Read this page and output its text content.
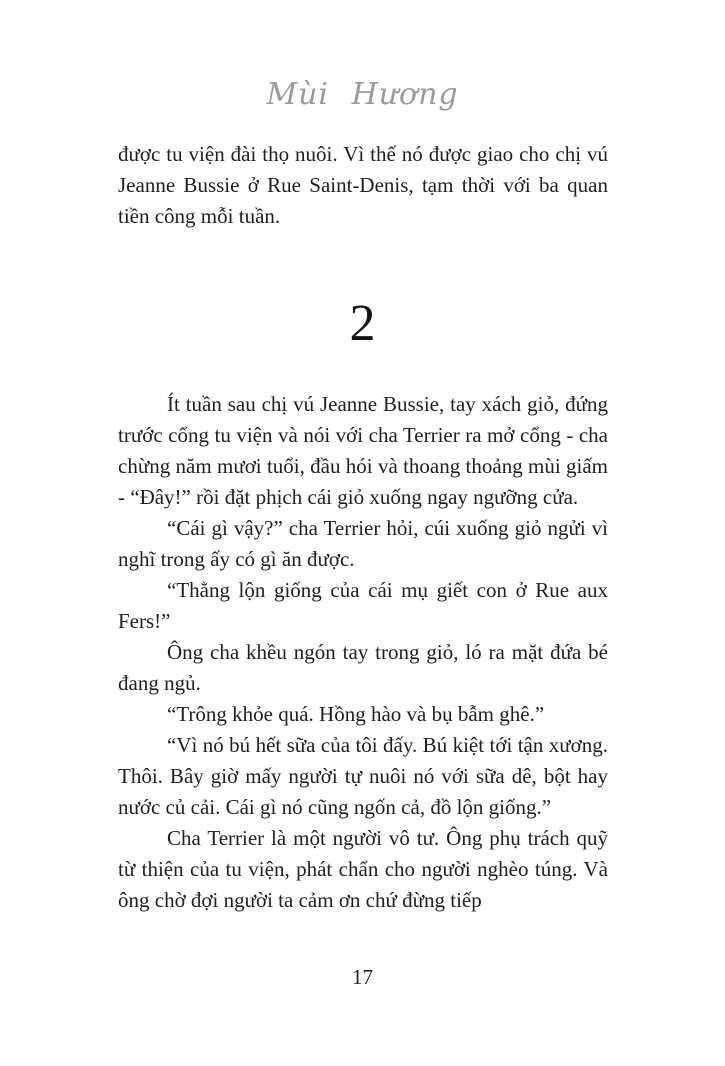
Mùi Hương

được tu viện đài thọ nuôi. Vì thế nó được giao cho chị vú Jeanne Bussie ở Rue Saint-Denis, tạm thời với ba quan tiền công mỗi tuần.

2

Ít tuần sau chị vú Jeanne Bussie, tay xách giỏ, đứng trước cổng tu viện và nói với cha Terrier ra mở cổng - cha chừng năm mươi tuổi, đầu hói và thoang thoảng mùi giấm - “Đây!” rồi đặt phịch cái giỏ xuống ngay ngưỡng cửa.

“Cái gì vậy?” cha Terrier hỏi, cúi xuống giỏ ngửi vì nghĩ trong ấy có gì ăn được.

“Thằng lộn giống của cái mụ giết con ở Rue aux Fers!”

Ông cha khều ngón tay trong giỏ, ló ra mặt đứa bé đang ngủ.

“Trông khỏe quá. Hồng hào và bụ bẫm ghê.”

“Vì nó bú hết sữa của tôi đấy. Bú kiệt tới tận xương. Thôi. Bây giờ mấy người tự nuôi nó với sữa dê, bột hay nước củ cải. Cái gì nó cũng ngốn cả, đồ lộn giống.”

Cha Terrier là một người vô tư. Ông phụ trách quỹ từ thiện của tu viện, phát chẩn cho người nghèo túng. Và ông chờ đợi người ta cảm ơn chứ đừng tiếp

17
